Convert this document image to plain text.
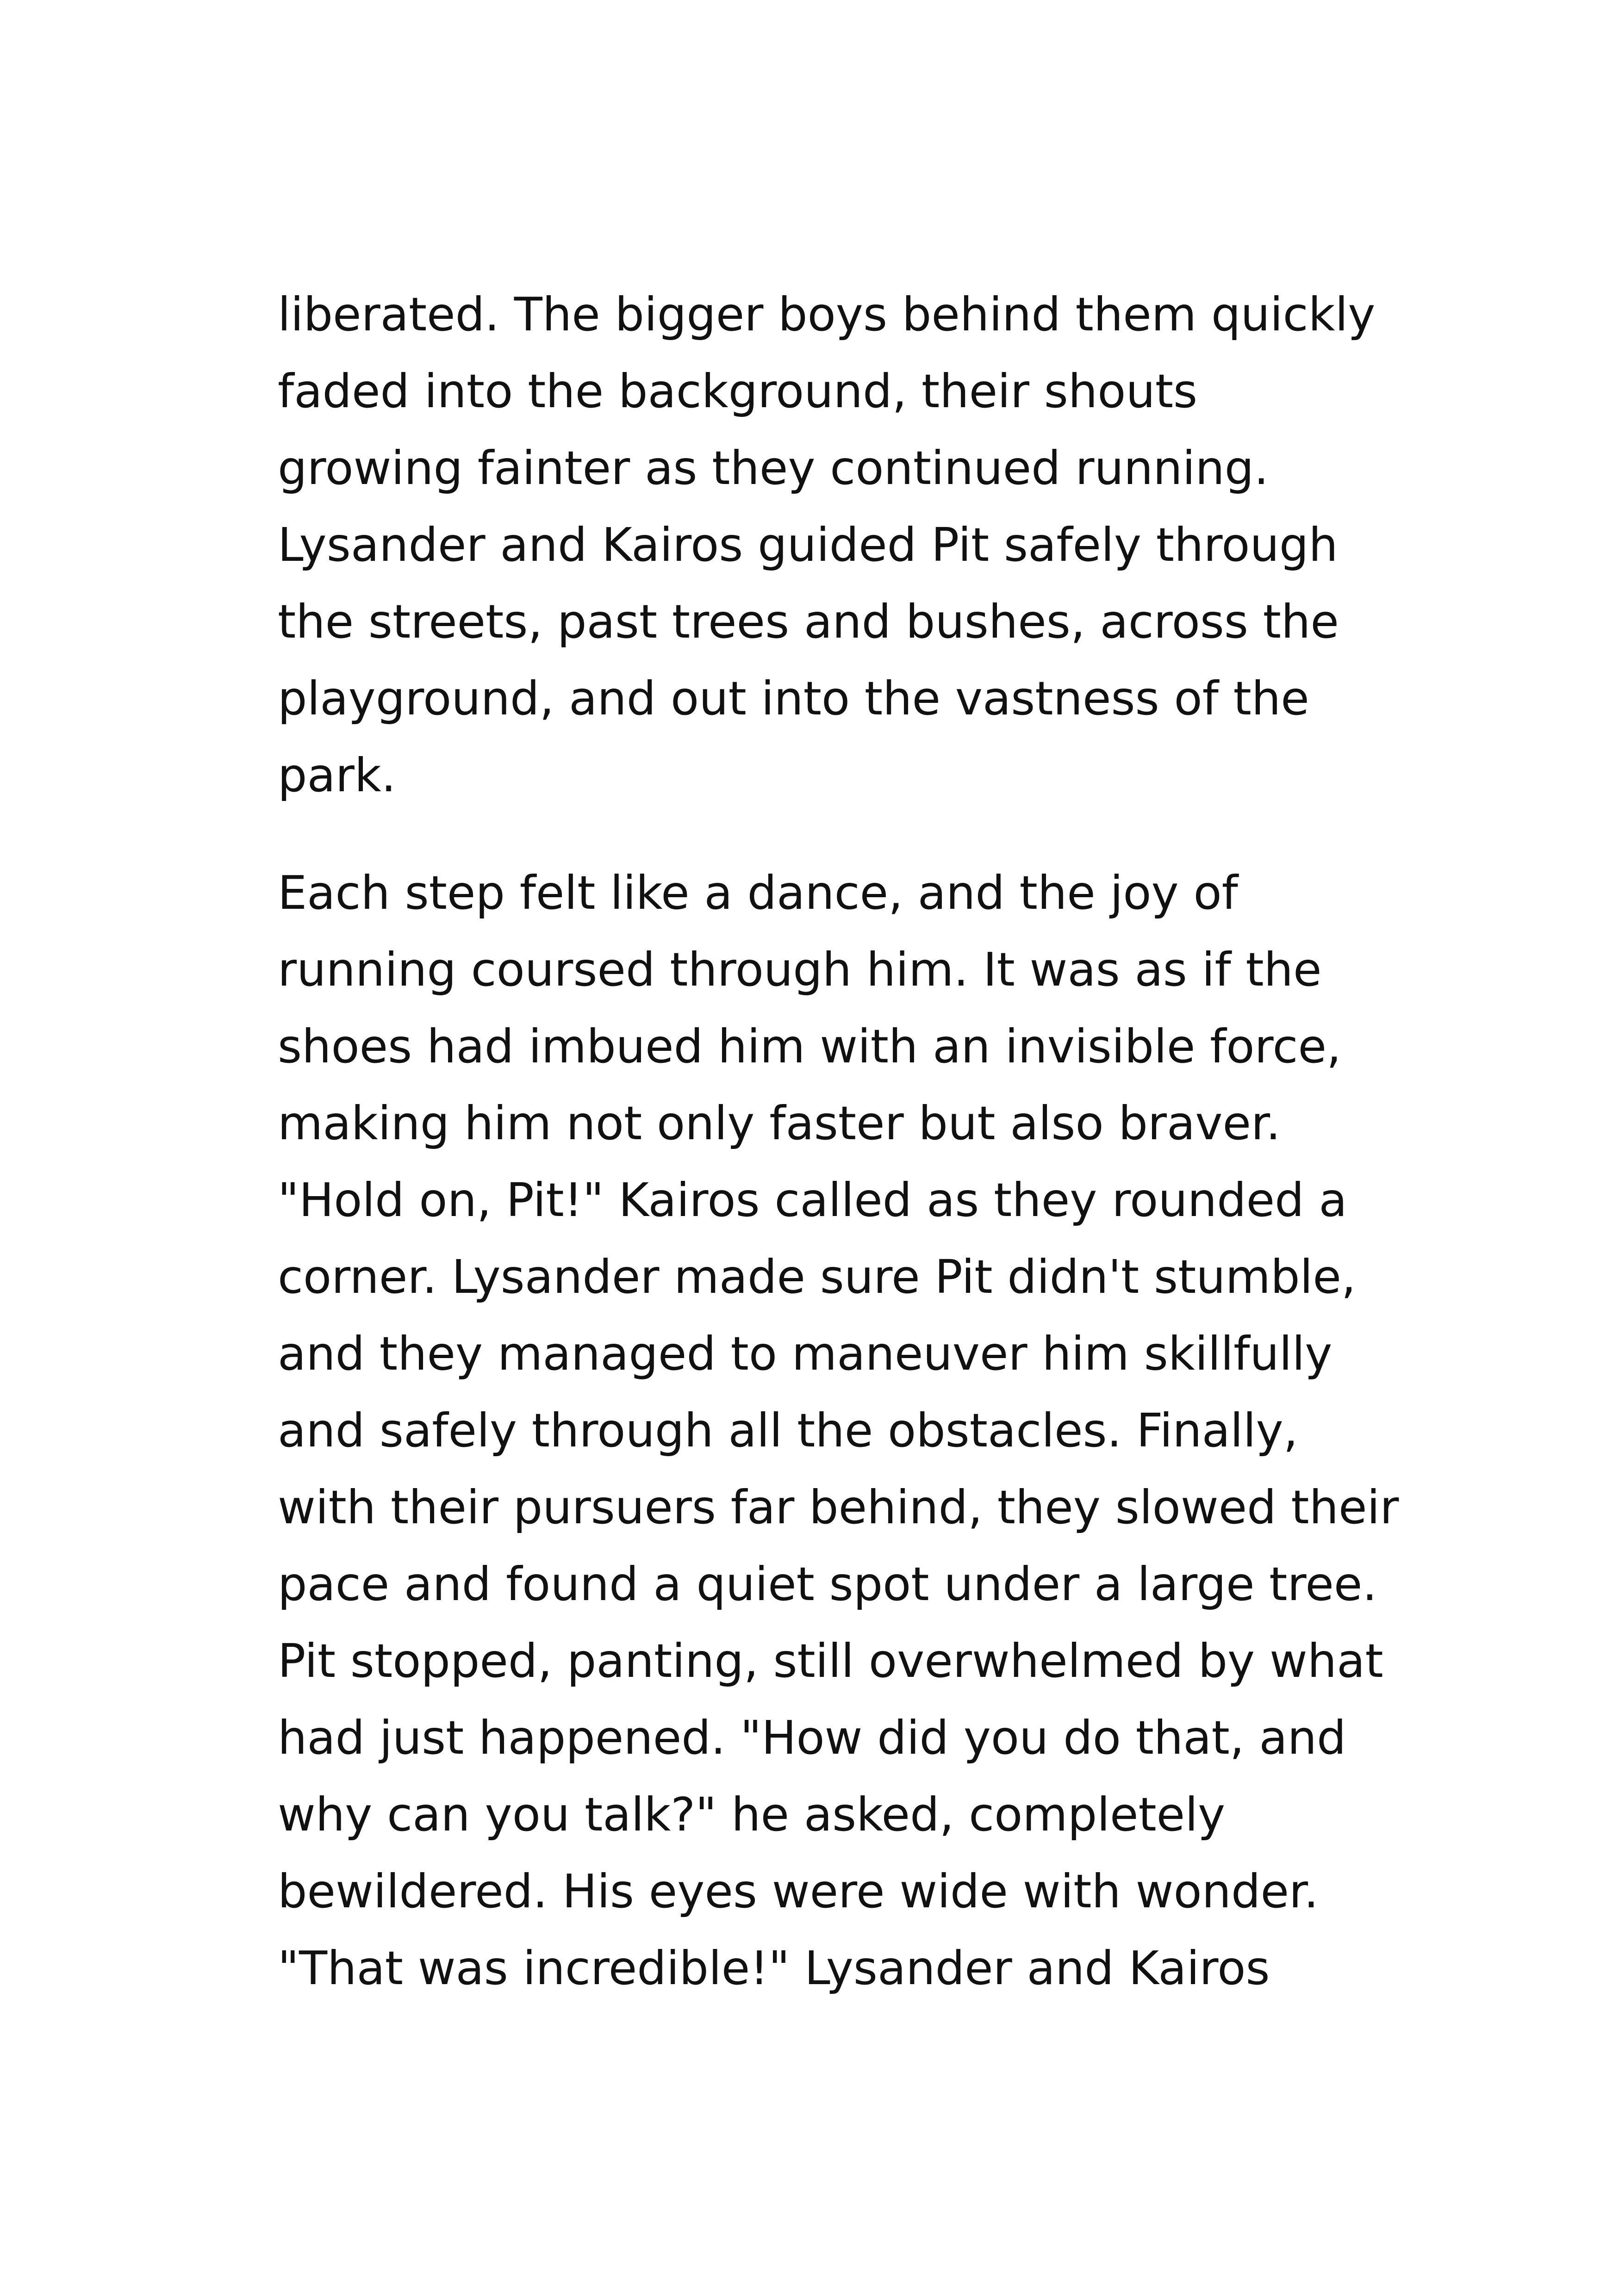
liberated. The bigger boys behind them quickly
faded into the background, their shouts
growing fainter as they continued running.
Lysander and Kairos guided Pit safely through
the streets, past trees and bushes, across the
playground, and out into the vastness of the
park.
Each step felt like a dance, and the joy of
running coursed through him. It was as if the
shoes had imbued him with an invisible force,
making him not only faster but also braver.
"Hold on, Pit!" Kairos called as they rounded a
corner. Lysander made sure Pit didn't stumble,
and they managed to maneuver him skillfully
and safely through all the obstacles. Finally,
with their pursuers far behind, they slowed their
pace and found a quiet spot under a large tree.
Pit stopped, panting, still overwhelmed by what
had just happened. "How did you do that, and
why can you talk?" he asked, completely
bewildered. His eyes were wide with wonder.
"That was incredible!" Lysander and Kairos
